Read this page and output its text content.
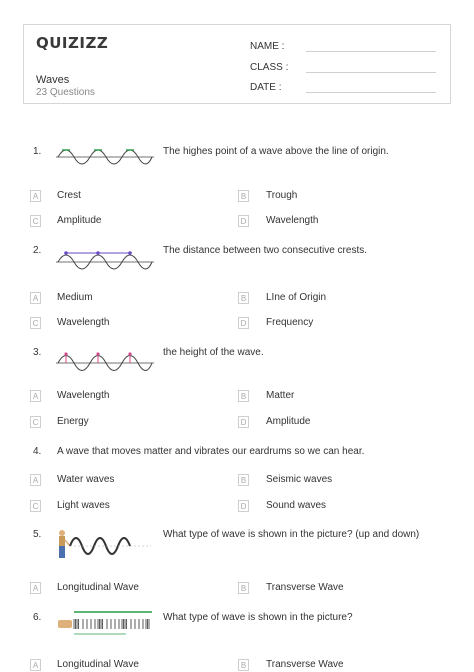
QUIZIZZ
Waves
23 Questions
NAME :
CLASS :
DATE :
1.	The highes point of a wave above the line of origin.
A Crest	B Trough
C Amplitude	D Wavelength
2.	The distance between two consecutive crests.
A Medium	B LIne of Origin
C Wavelength	D Frequency
3.	the height of the wave.
A Wavelength	B Matter
C Energy	D Amplitude
4. A wave that moves matter and vibrates our eardrums so we can hear.
A Water waves	B Seismic waves
C Light waves	D Sound waves
5.	What type of wave is shown in the picture? (up and down)
A Longitudinal Wave	B Transverse Wave
6.	What type of wave is shown in the picture?
A Longitudinal Wave	B Transverse Wave
